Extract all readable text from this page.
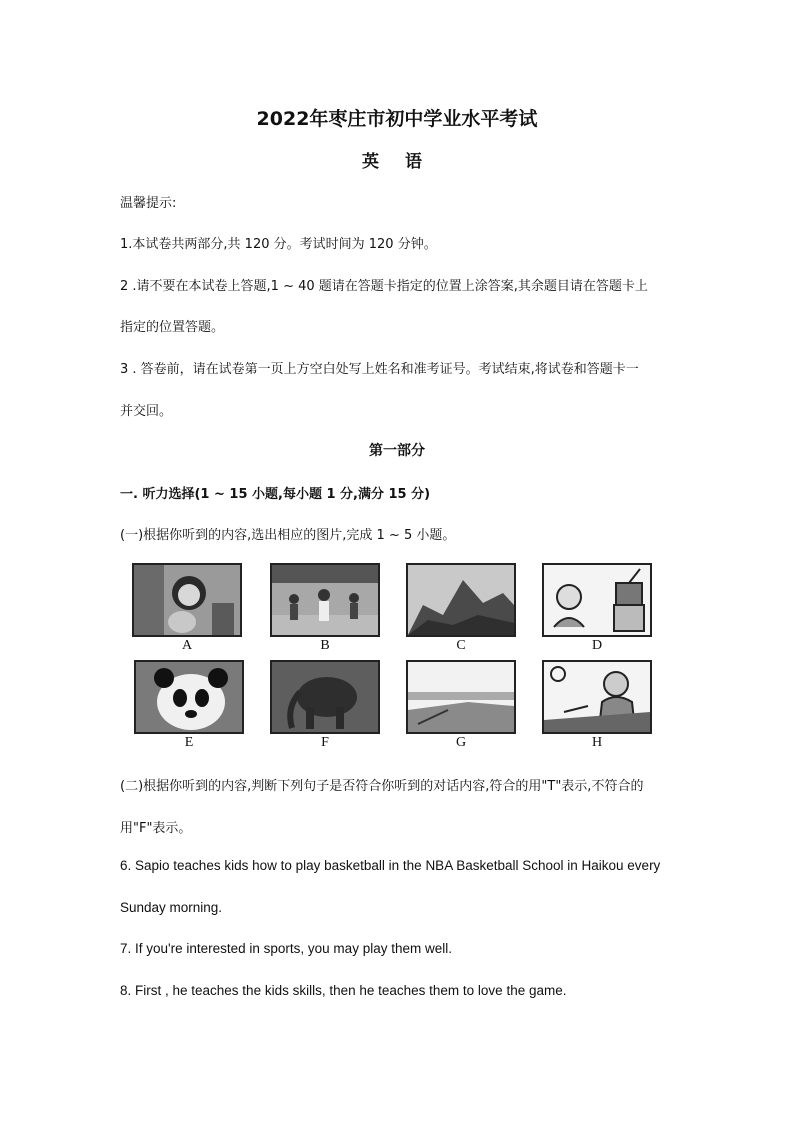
2022年枣庄市初中学业水平考试
英 语
温馨提示:
1.本试卷共两部分,共 120 分。考试时间为 120 分钟。
2 .请不要在本试卷上答题,1 ~ 40 题请在答题卡指定的位置上涂答案,其余题目请在答题卡上
指定的位置答题。
3 . 答卷前，请在试卷第一页上方空白处写上姓名和准考证号。考试结束,将试卷和答题卡一
并交回。
第一部分
一. 听力选择(1 ~ 15 小题,每小题 1 分,满分 15 分)
(一)根据你听到的内容,选出相应的图片,完成 1 ~ 5 小题。
A	B	C	D
E	F	G	H
(二)根据你听到的内容,判断下列句子是否符合你听到的对话内容,符合的用"T"表示,不符合的
用"F"表示。
6. Sapio teaches kids how to play basketball in the NBA Basketball School in Haikou every
Sunday morning.
7. If you're interested in sports, you may play them well.
8. First , he teaches the kids skills, then he teaches them to love the game.
